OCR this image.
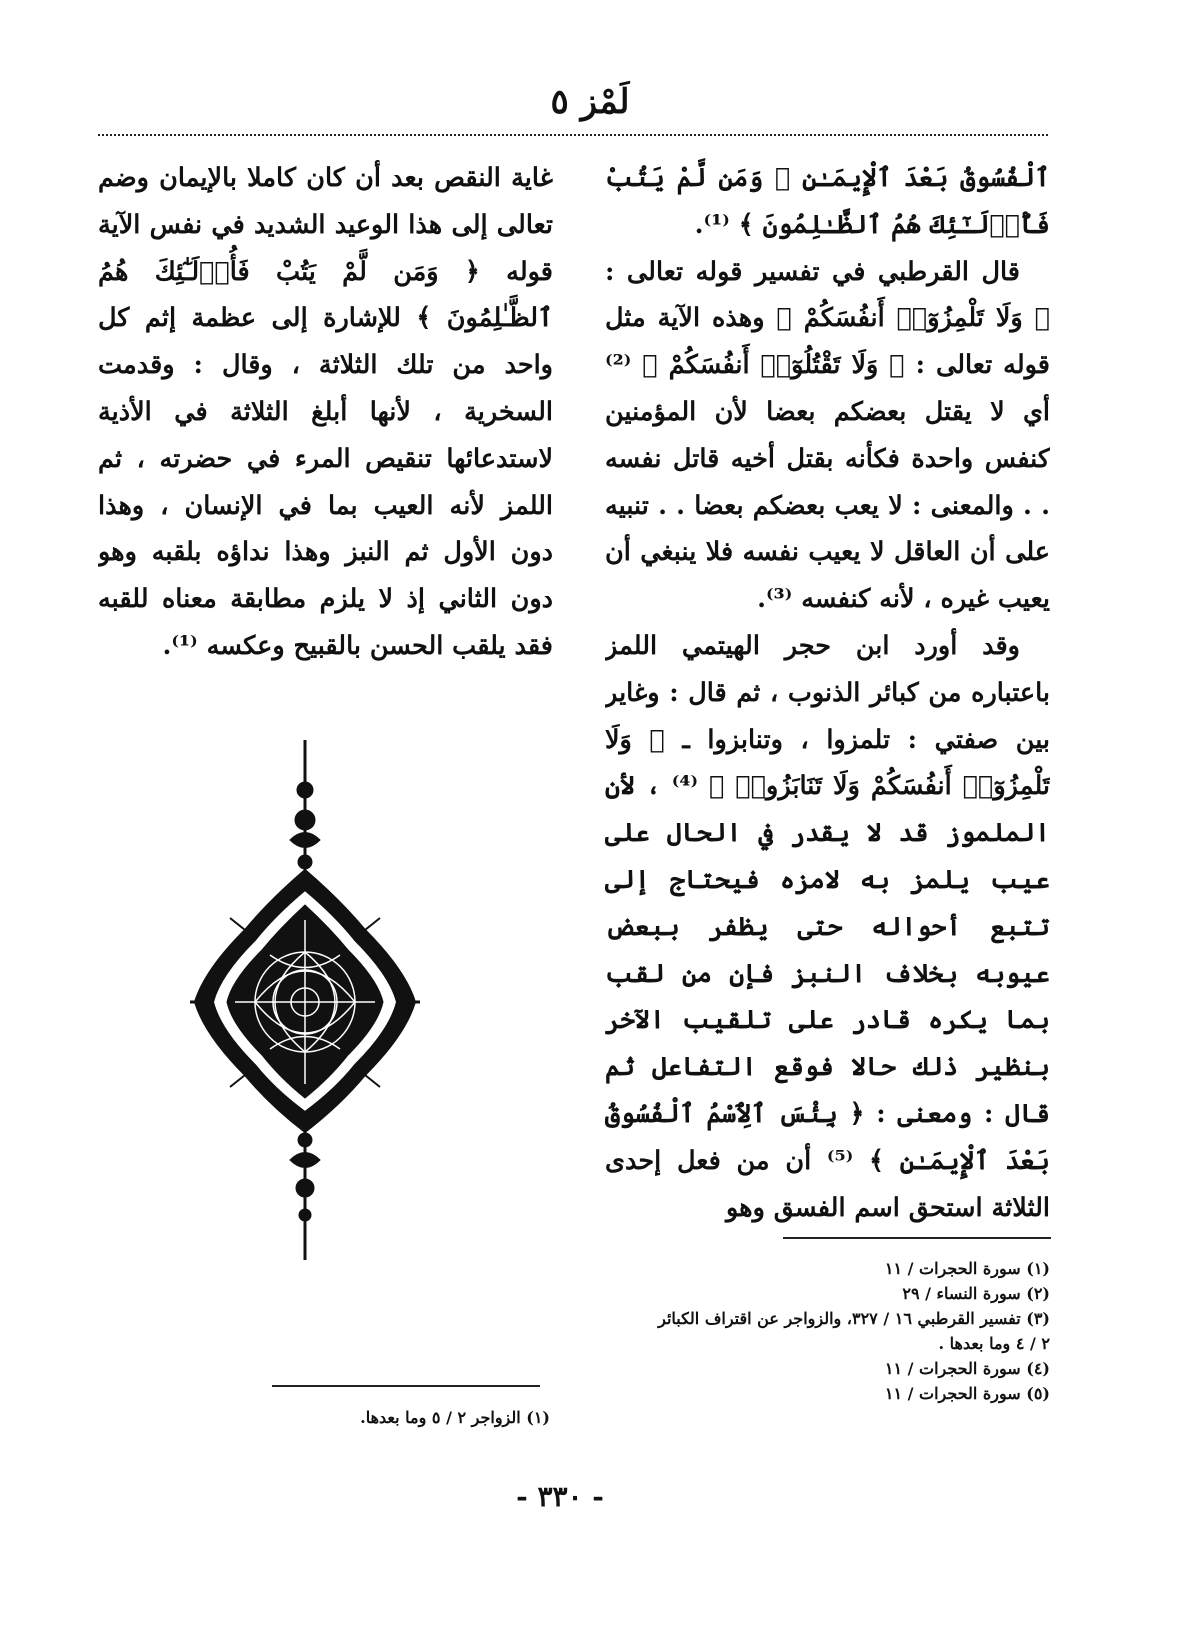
لَمْز ٥

ٱلْفُسُوقُ بَعْدَ ٱلْإِيمَـٰنِ ۚ وَمَن لَّمْ يَتُبْ فَأُو۟لَـٰٓئِكَ هُمُ ٱلظَّـٰلِمُونَ ﴾ ⁽¹⁾.

قال القرطبي في تفسير قوله تعالى : ﴿ وَلَا تَلْمِزُوٓا۟ أَنفُسَكُمْ ﴾ وهذه الآية مثل قوله تعالى : ﴿ وَلَا تَقْتُلُوٓا۟ أَنفُسَكُمْ ﴾ ⁽²⁾ أي لا يقتل بعضكم بعضا لأن المؤمنين كنفس واحدة فكأنه بقتل أخيه قاتل نفسه . . والمعنى : لا يعب بعضكم بعضا . . تنبيه على أن العاقل لا يعيب نفسه فلا ينبغي أن يعيب غيره ، لأنه كنفسه ⁽³⁾.

وقد أورد ابن حجر الهيتمي اللمز باعتباره من كبائر الذنوب ، ثم قال : وغاير بين صفتي : تلمزوا ، وتنابزوا ـ ﴿ وَلَا تَلْمِزُوٓا۟ أَنفُسَكُمْ وَلَا تَنَابَزُوا۟ ﴾ ⁽⁴⁾ ، لأن الملموز قد لا يقدر في الحال على عيب يلمز به لامزه فيحتاج إلى تتبع أحواله حتى يظفر ببعض عيوبه بخلاف النبز فإن من لقب بما يكره قادر على تلقيب الآخر بنظير ذلك حالا فوقع التفاعل ثم قال : ومعنى : ﴿ بِئْسَ ٱلِٱسْمُ ٱلْفُسُوقُ بَعْدَ ٱلْإِيمَـٰنِ ﴾ ⁽⁵⁾ أن من فعل إحدى الثلاثة استحق اسم الفسق وهو

غاية النقص بعد أن كان كاملا بالإيمان وضم تعالى إلى هذا الوعيد الشديد في نفس الآية قوله ﴿ وَمَن لَّمْ يَتُبْ فَأُو۟لَـٰٓئِكَ هُمُ ٱلظَّـٰلِمُونَ ﴾ للإشارة إلى عظمة إثم كل واحد من تلك الثلاثة ، وقال : وقدمت السخرية ، لأنها أبلغ الثلاثة في الأذية لاستدعائها تنقيص المرء في حضرته ، ثم اللمز لأنه العيب بما في الإنسان ، وهذا دون الأول ثم النبز وهذا نداؤه بلقبه وهو دون الثاني إذ لا يلزم مطابقة معناه للقبه فقد يلقب الحسن بالقبيح وعكسه ⁽¹⁾.

(١) سورة الحجرات / ١١
(٢) سورة النساء / ٢٩
(٣) تفسير القرطبي ١٦ / ٣٢٧، والزواجر عن اقتراف الكبائر
٢ / ٤ وما بعدها .
(٤) سورة الحجرات / ١١
(٥) سورة الحجرات / ١١
(١) الزواجر ٢ / ٥ وما بعدها.
- ٣٣٠ -
